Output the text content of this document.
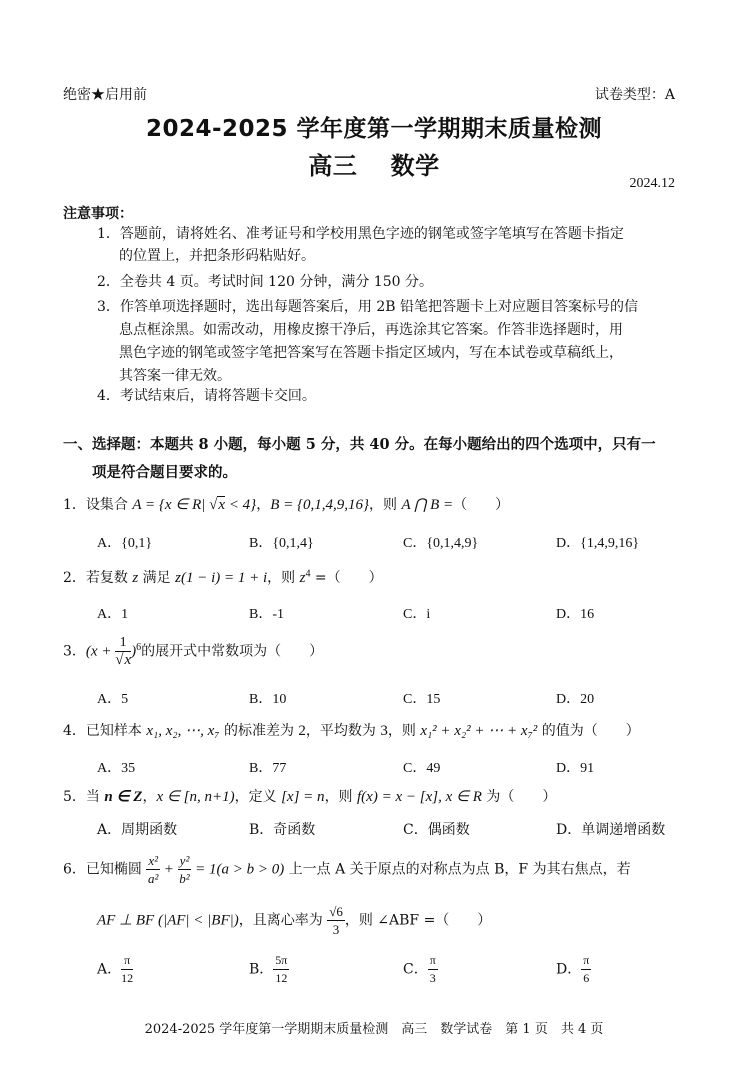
绝密★启用前	试卷类型：A
2024-2025 学年度第一学期期末质量检测
高三　 数学
2024.12
注意事项：
1．答题前，请将姓名、准考证号和学校用黑色字迹的钢笔或签字笔填写在答题卡指定
的位置上，并把条形码粘贴好。
2．全卷共 4 页。考试时间 120 分钟，满分 150 分。
3．作答单项选择题时，选出每题答案后，用 2B 铅笔把答题卡上对应题目答案标号的信
息点框涂黑。如需改动，用橡皮擦干净后，再选涂其它答案。作答非选择题时，用
黑色字迹的钢笔或签字笔把答案写在答题卡指定区域内，写在本试卷或草稿纸上，
其答案一律无效。
4．考试结束后，请将答题卡交回。
一、选择题：本题共 8 小题，每小题 5 分，共 40 分。在每小题给出的四个选项中，只有一
项是符合题目要求的。
1．设集合 A = {x ∈ R| √x < 4}，B = {0,1,4,9,16}，则 A ⋂ B =（　　）
A．{0,1}	B．{0,1,4}	C．{0,1,4,9}	D．{1,4,9,16}
2．若复数 z 满足 z(1 − i) = 1 + i，则 $z^4$ =（　　）
A．1	B．-1	C．i	D．16
3．$(x + \frac{1}{√x} )^6$的展开式中常数项为（　　）
A．5	B．10	C．15	D．20
4．已知样本 x₁, x₂, ⋯, x₇ 的标准差为 2，平均数为 3，则 x₁² + x₂² + ⋯ + x₇² 的值为（　　）
A．35	B．77	C．49	D．91
5．当 n ∈ Z，x ∈ [n, n+1)，定义 [x] = n，则 f(x) = x − [x], x ∈ R 为（　　）
A．周期函数	B．奇函数	C．偶函数	D．单调递增函数
6．已知椭圆 $\frac{\text{x²}}{\text{a²}} + \frac{\text{y²}}{\text{b²}} = 1(a > b > 0)$ 上一点 A 关于原点的对称点为点 B，F 为其右焦点，若
AF ⊥ BF (|AF| < |BF|)，且离心率为 $\frac{√6}{3}$ ，则 ∠ABF =（　　）
A． $\frac{\pi}{12}$	B． $\frac{5\pi}{12}$	C． $\frac{\pi}{3}$	D． $\frac{\pi}{6}$
2024-2025 学年度第一学期期末质量检测　高三　数学试卷　第 1 页　共 4 页
